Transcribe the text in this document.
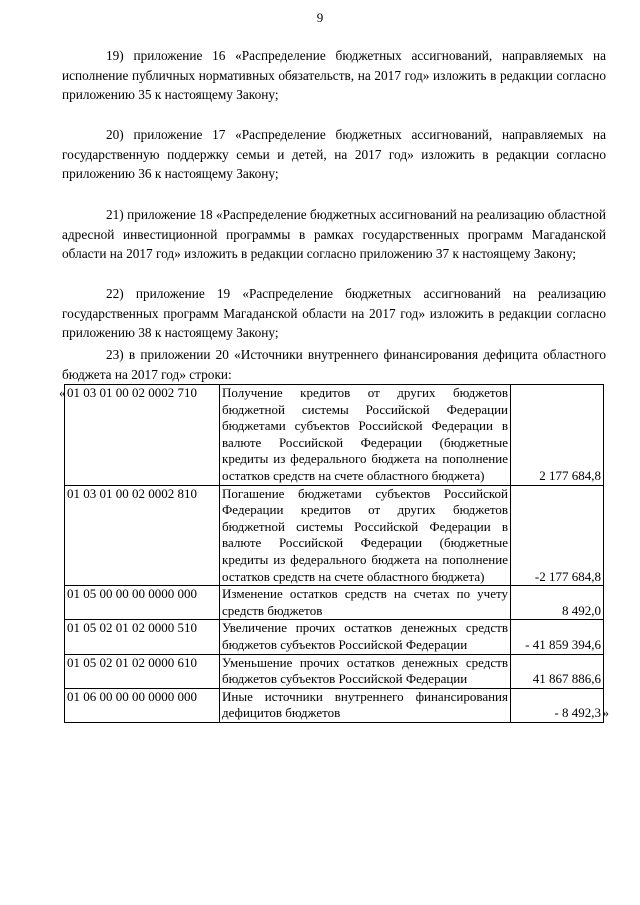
9
19) приложение 16 «Распределение бюджетных ассигнований, направляемых на исполнение публичных нормативных обязательств, на 2017 год» изложить в редакции согласно приложению 35 к настоящему Закону;
20) приложение 17 «Распределение бюджетных ассигнований, направляемых на государственную поддержку семьи и детей, на 2017 год» изложить в редакции согласно приложению 36 к настоящему Закону;
21) приложение 18 «Распределение бюджетных ассигнований на реализацию областной адресной инвестиционной программы в рамках государственных программ Магаданской области на 2017 год» изложить в редакции согласно приложению 37 к настоящему Закону;
22) приложение 19 «Распределение бюджетных ассигнований на реализацию государственных программ Магаданской области на 2017 год» изложить в редакции согласно приложению 38 к настоящему Закону;
23) в приложении 20 «Источники внутреннего финансирования дефицита областного бюджета на 2017 год» строки:
« 01 03 01 00 02 0002 710	Получение кредитов от других бюджетов бюджетной системы Российской Федерации бюджетами субъектов Российской Федерации в валюте Российской Федерации (бюджетные кредиты из федерального бюджета на пополнение остатков средств на счете областного бюджета)	2 177 684,8
01 03 01 00 02 0002 810	Погашение бюджетами субъектов Российской Федерации кредитов от других бюджетов бюджетной системы Российской Федерации в валюте Российской Федерации (бюджетные кредиты из федерального бюджета на пополнение остатков средств на счете областного бюджета)	-2 177 684,8
01 05 00 00 00 0000 000	Изменение остатков средств на счетах по учету средств бюджетов	8 492,0
01 05 02 01 02 0000 510	Увеличение прочих остатков денежных средств бюджетов субъектов Российской Федерации	- 41 859 394,6
01 05 02 01 02 0000 610	Уменьшение прочих остатков денежных средств бюджетов субъектов Российской Федерации	41 867 886,6
01 06 00 00 00 0000 000	Иные источники внутреннего финансирования дефицитов бюджетов	- 8 492,3 »
